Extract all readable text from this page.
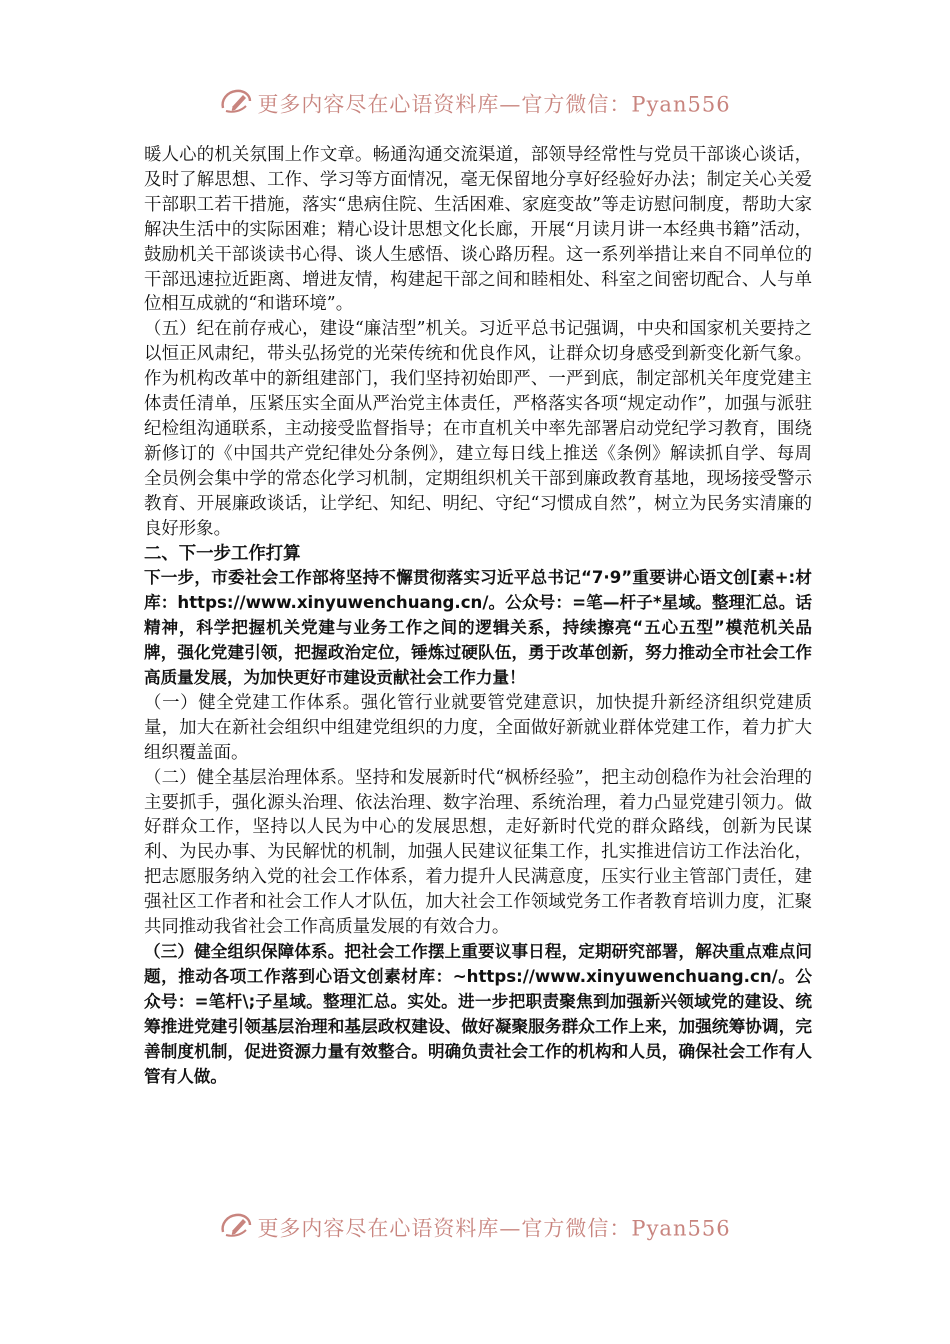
更多内容尽在心语资料库—官方微信：Pyan556

暖人心的机关氛围上作文章。畅通沟通交流渠道，部领导经常性与党员干部谈心谈话，及时了解思想、工作、学习等方面情况，毫无保留地分享好经验好办法；制定关心关爱干部职工若干措施，落实“患病住院、生活困难、家庭变故”等走访慰问制度，帮助大家解决生活中的实际困难；精心设计思想文化长廊，开展“月读月讲一本经典书籍”活动，鼓励机关干部谈读书心得、谈人生感悟、谈心路历程。这一系列举措让来自不同单位的干部迅速拉近距离、增进友情，构建起干部之间和睦相处、科室之间密切配合、人与单位相互成就的“和谐环境”。

（五）纪在前存戒心，建设“廉洁型”机关。习近平总书记强调，中央和国家机关要持之以恒正风肃纪，带头弘扬党的光荣传统和优良作风，让群众切身感受到新变化新气象。作为机构改革中的新组建部门，我们坚持初始即严、一严到底，制定部机关年度党建主体责任清单，压紧压实全面从严治党主体责任，严格落实各项“规定动作”，加强与派驻纪检组沟通联系，主动接受监督指导；在市直机关中率先部署启动党纪学习教育，围绕新修订的《中国共产党纪律处分条例》，建立每日线上推送《条例》解读抓自学、每周全员例会集中学的常态化学习机制，定期组织机关干部到廉政教育基地，现场接受警示教育、开展廉政谈话，让学纪、知纪、明纪、守纪“习惯成自然”，树立为民务实清廉的良好形象。

二、下一步工作打算

下一步，市委社会工作部将坚持不懈贯彻落实习近平总书记“7·9”重要讲心语文创[素+:材库：https://www.xinyuwenchuang.cn/。公众号：=笔—杆子*星域。整理汇总。话精神，科学把握机关党建与业务工作之间的逻辑关系，持续擦亮“五心五型”模范机关品牌，强化党建引领，把握政治定位，锤炼过硬队伍，勇于改革创新，努力推动全市社会工作高质量发展，为加快更好市建设贡献社会工作力量！

（一）健全党建工作体系。强化管行业就要管党建意识，加快提升新经济组织党建质量，加大在新社会组织中组建党组织的力度，全面做好新就业群体党建工作，着力扩大组织覆盖面。

（二）健全基层治理体系。坚持和发展新时代“枫桥经验”，把主动创稳作为社会治理的主要抓手，强化源头治理、依法治理、数字治理、系统治理，着力凸显党建引领力。做好群众工作，坚持以人民为中心的发展思想，走好新时代党的群众路线，创新为民谋利、为民办事、为民解忧的机制，加强人民建议征集工作，扎实推进信访工作法治化，把志愿服务纳入党的社会工作体系，着力提升人民满意度，压实行业主管部门责任，建强社区工作者和社会工作人才队伍，加大社会工作领域党务工作者教育培训力度，汇聚共同推动我省社会工作高质量发展的有效合力。

（三）健全组织保障体系。把社会工作摆上重要议事日程，定期研究部署，解决重点难点问题，推动各项工作落到心语文创素材库：~https://www.xinyuwenchuang.cn/。公众号：=笔杆\;子星域。整理汇总。实处。进一步把职责聚焦到加强新兴领域党的建设、统筹推进党建引领基层治理和基层政权建设、做好凝聚服务群众工作上来，加强统筹协调，完善制度机制，促进资源力量有效整合。明确负责社会工作的机构和人员，确保社会工作有人管有人做。

更多内容尽在心语资料库—官方微信：Pyan556
